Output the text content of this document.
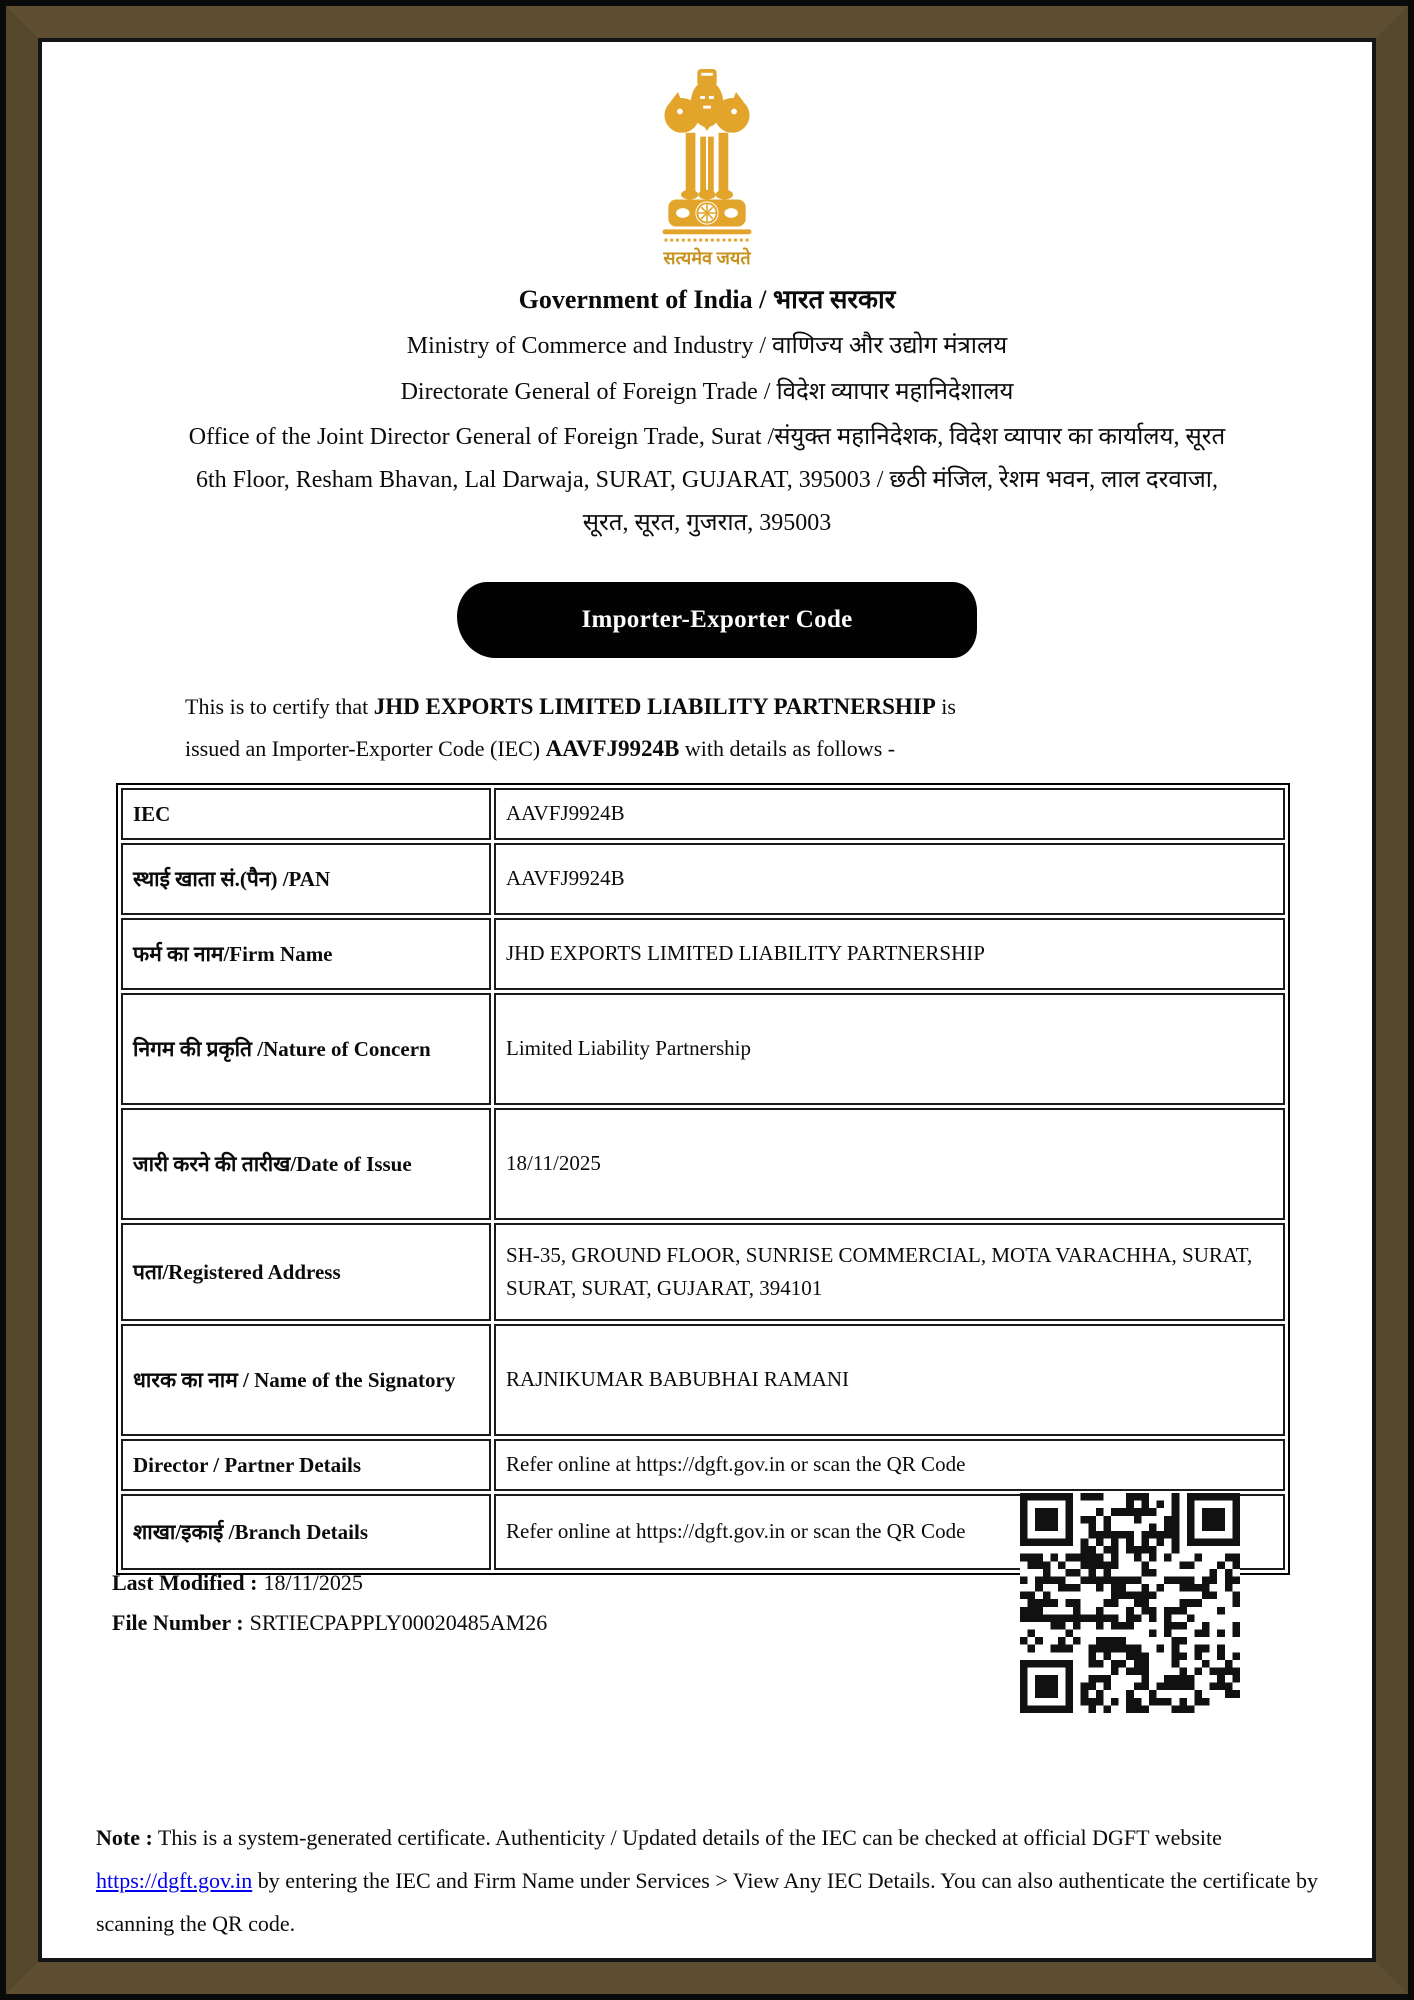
सत्यमेव जयते
Government of India / भारत सरकार
Ministry of Commerce and Industry / वाणिज्य और उद्योग मंत्रालय
Directorate General of Foreign Trade / विदेश व्यापार महानिदेशालय
Office of the Joint Director General of Foreign Trade, Surat /संयुक्त महानिदेशक, विदेश व्यापार का कार्यालय, सूरत
6th Floor, Resham Bhavan, Lal Darwaja, SURAT, GUJARAT, 395003 / छठी मंजिल, रेशम भवन, लाल दरवाजा,
सूरत, सूरत, गुजरात, 395003
Importer-Exporter Code
This is to certify that JHD EXPORTS LIMITED LIABILITY PARTNERSHIP is
issued an Importer-Exporter Code (IEC) AAVFJ9924B with details as follows -
IEC	AAVFJ9924B
स्थाई खाता सं.(पैन) /PAN	AAVFJ9924B
फर्म का नाम/Firm Name	JHD EXPORTS LIMITED LIABILITY PARTNERSHIP
निगम की प्रकृति /Nature of Concern	Limited Liability Partnership
जारी करने की तारीख/Date of Issue	18/11/2025
पता/Registered Address	SH-35, GROUND FLOOR, SUNRISE COMMERCIAL, MOTA VARACHHA, SURAT, SURAT, SURAT, GUJARAT, 394101
धारक का नाम / Name of the Signatory	RAJNIKUMAR BABUBHAI RAMANI
Director / Partner Details	Refer online at https://dgft.gov.in or scan the QR Code
शाखा/इकाई /Branch Details	Refer online at https://dgft.gov.in or scan the QR Code
Last Modified : 18/11/2025
File Number : SRTIECPAPPLY00020485AM26
Note : This is a system-generated certificate. Authenticity / Updated details of the IEC can be checked at official DGFT website https://dgft.gov.in by entering the IEC and Firm Name under Services > View Any IEC Details. You can also authenticate the certificate by scanning the QR code.
